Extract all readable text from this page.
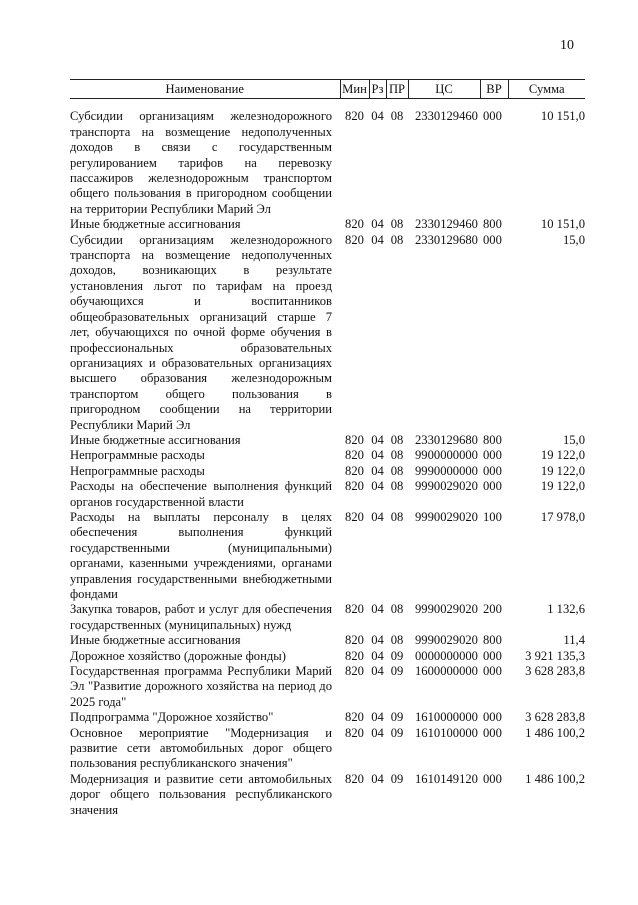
10
Наименование	Мин	Рз	ПР	ЦС	ВР	Сумма

Субсидии организациям железнодорожного транспорта на возмещение недополученных доходов в связи с государственным регулированием тарифов на перевозку пассажиров железнодорожным транспортом общего пользования в пригородном сообщении на территории Республики Марий Эл	820	04	08	2330129460	000	10 151,0
Иные бюджетные ассигнования	820	04	08	2330129460	800	10 151,0
Субсидии организациям железнодорожного транспорта на возмещение недополученных доходов, возникающих в результате установления льгот по тарифам на проезд обучающихся и воспитанников общеобразовательных организаций старше 7 лет, обучающихся по очной форме обучения в профессиональных образовательных организациях и образовательных организациях высшего образования железнодорожным транспортом общего пользования в пригородном сообщении на территории Республики Марий Эл	820	04	08	2330129680	000	15,0
Иные бюджетные ассигнования	820	04	08	2330129680	800	15,0
Непрограммные расходы	820	04	08	9900000000	000	19 122,0
Непрограммные расходы	820	04	08	9990000000	000	19 122,0
Расходы на обеспечение выполнения функций органов государственной власти	820	04	08	9990029020	000	19 122,0
Расходы на выплаты персоналу в целях обеспечения выполнения функций государственными (муниципальными) органами, казенными учреждениями, органами управления государственными внебюджетными фондами	820	04	08	9990029020	100	17 978,0
Закупка товаров, работ и услуг для обеспечения государственных (муниципальных) нужд	820	04	08	9990029020	200	1 132,6
Иные бюджетные ассигнования	820	04	08	9990029020	800	11,4
Дорожное хозяйство (дорожные фонды)	820	04	09	0000000000	000	3 921 135,3
Государственная программа Республики Марий Эл "Развитие дорожного хозяйства на период до 2025 года"	820	04	09	1600000000	000	3 628 283,8
Подпрограмма "Дорожное хозяйство"	820	04	09	1610000000	000	3 628 283,8
Основное мероприятие "Модернизация и развитие сети автомобильных дорог общего пользования республиканского значения"	820	04	09	1610100000	000	1 486 100,2
Модернизация и развитие сети автомобильных дорог общего пользования республиканского значения	820	04	09	1610149120	000	1 486 100,2
